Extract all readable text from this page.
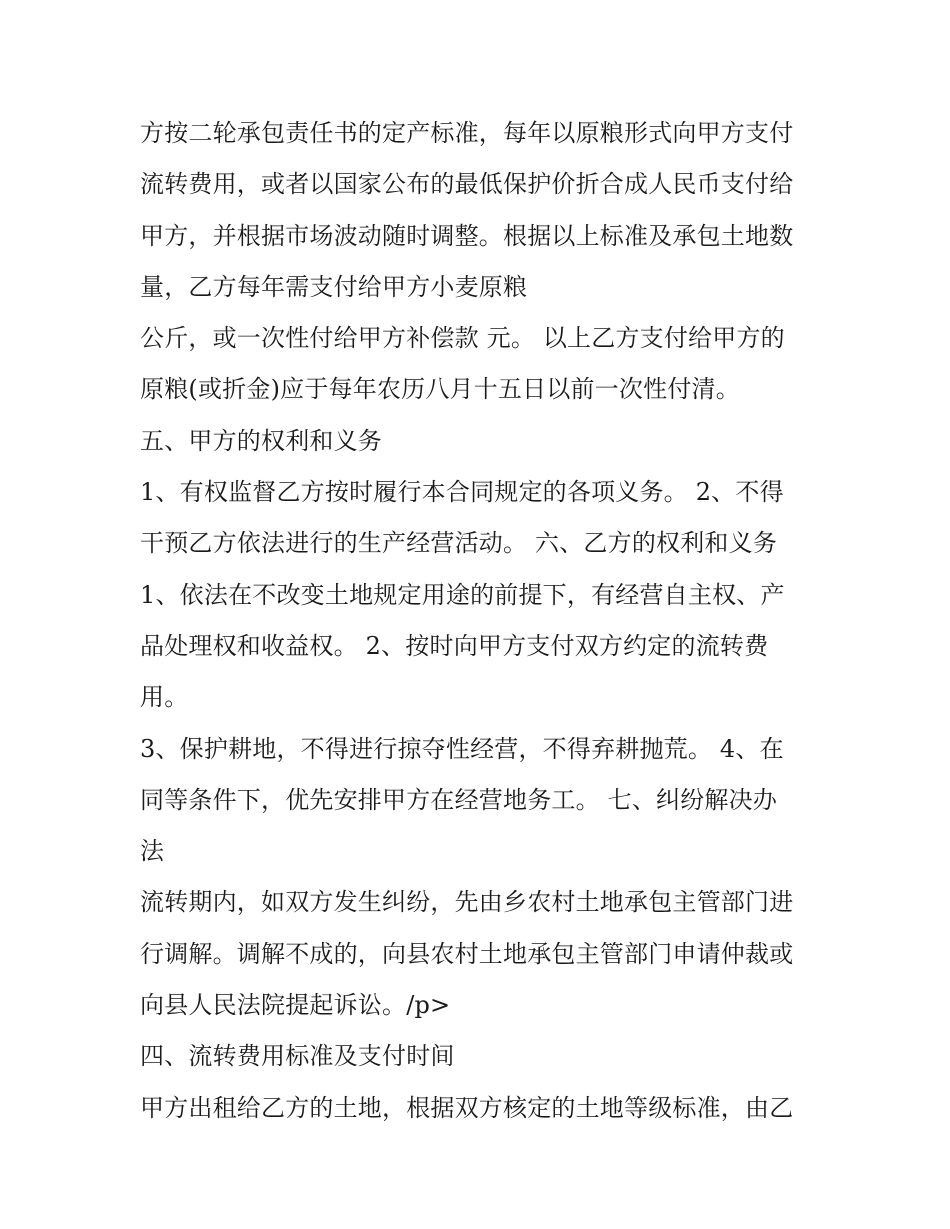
方按二轮承包责任书的定产标准，每年以原粮形式向甲方支付
流转费用，或者以国家公布的最低保护价折合成人民币支付给
甲方，并根据市场波动随时调整。根据以上标准及承包土地数
量，乙方每年需支付给甲方小麦原粮
公斤，或一次性付给甲方补偿款 元。 以上乙方支付给甲方的
原粮(或折金)应于每年农历八月十五日以前一次性付清。
五、甲方的权利和义务
1、有权监督乙方按时履行本合同规定的各项义务。 2、不得
干预乙方依法进行的生产经营活动。 六、乙方的权利和义务
1、依法在不改变土地规定用途的前提下，有经营自主权、产
品处理权和收益权。 2、按时向甲方支付双方约定的流转费
用。
3、保护耕地，不得进行掠夺性经营，不得弃耕抛荒。 4、在
同等条件下，优先安排甲方在经营地务工。 七、纠纷解决办
法
流转期内，如双方发生纠纷，先由乡农村土地承包主管部门进
行调解。调解不成的，向县农村土地承包主管部门申请仲裁或
向县人民法院提起诉讼。/p>
四、流转费用标准及支付时间
甲方出租给乙方的土地，根据双方核定的土地等级标准，由乙
